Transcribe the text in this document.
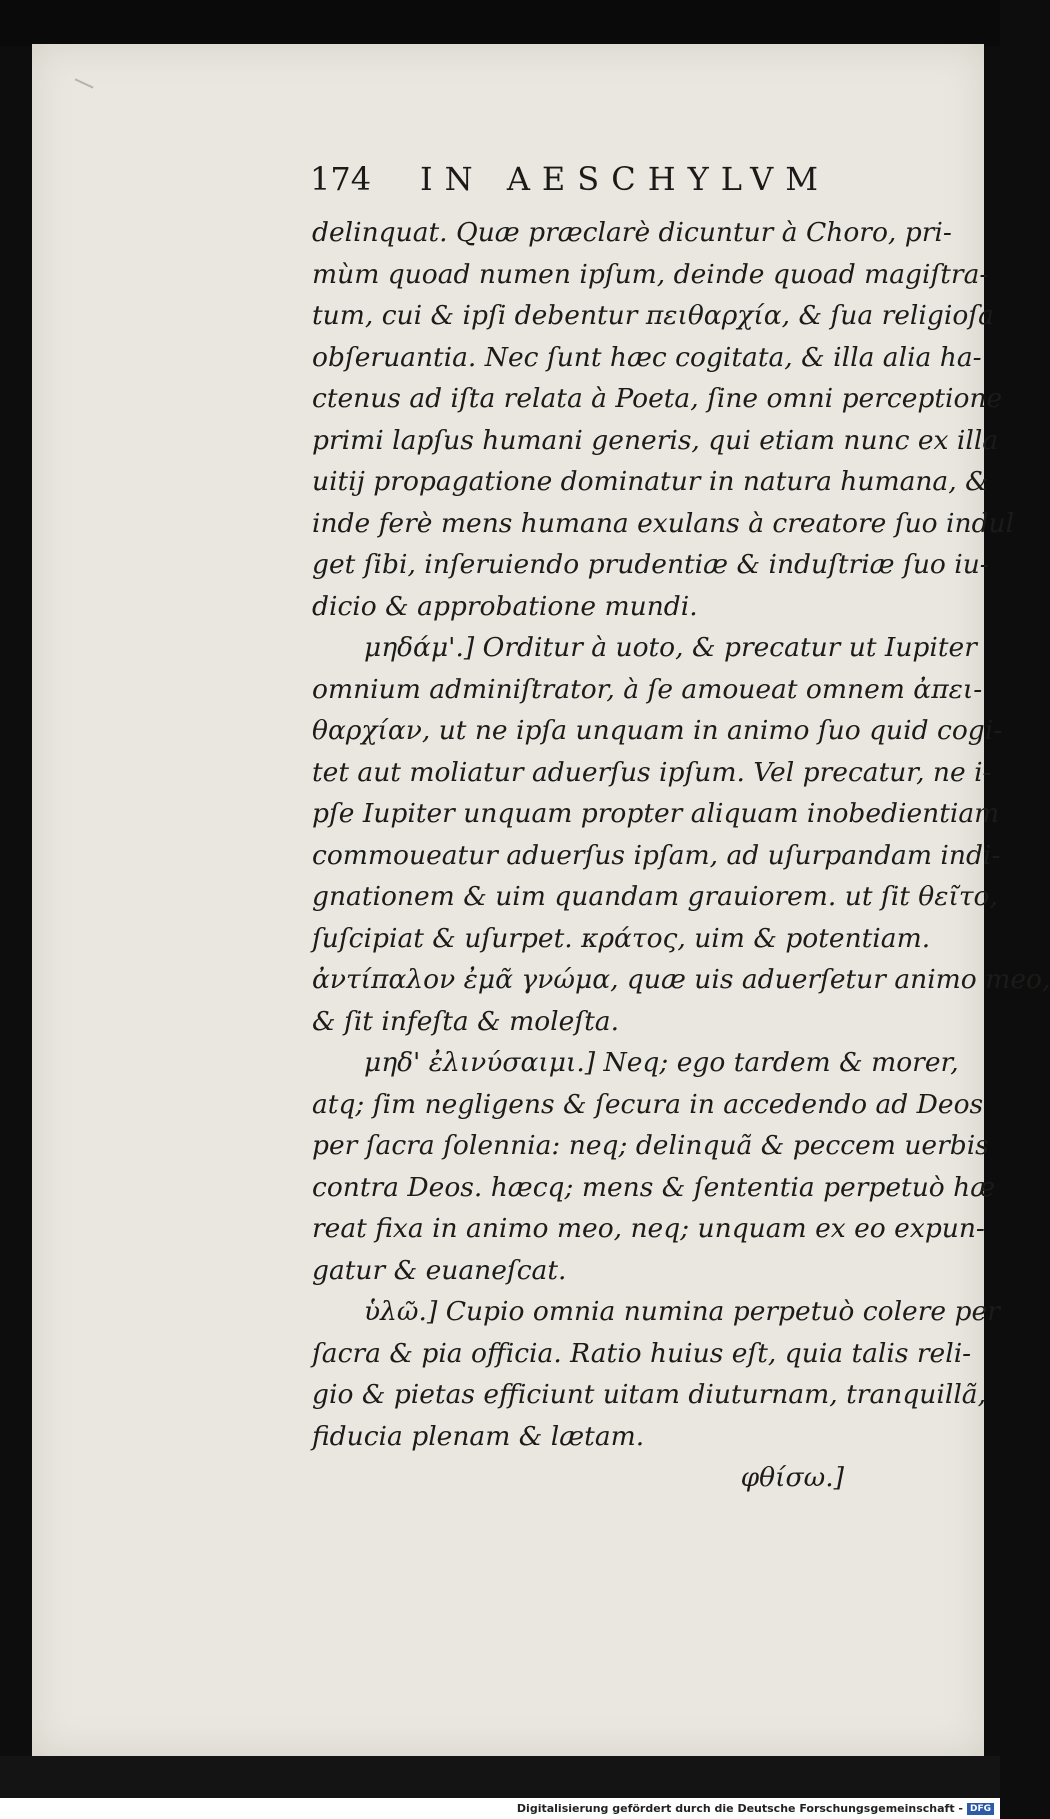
174 IN AESCHYLVM
delinquat. Quæ præclarè dicuntur à Choro, pri-
mùm quoad numen ipſum, deinde quoad magiſtra-
tum, cui & ipſi debentur πειθαρχία, & ſua religioſa
obſeruantia. Nec ſunt hæc cogitata, & illa alia ha-
ctenus ad iſta relata à Poeta, ſine omni perceptione
primi lapſus humani generis, qui etiam nunc ex illa
uitij propagatione dominatur in natura humana, &
inde ferè mens humana exulans à creatore ſuo indul
get ſibi, inſeruiendo prudentiæ & induſtriæ ſuo iu-
dicio & approbatione mundi.
μηδάμ'.] Orditur à uoto, & precatur ut Iupiter
omnium adminiſtrator, à ſe amoueat omnem ἀπει-
θαρχίαν, ut ne ipſa unquam in animo ſuo quid cogi-
tet aut moliatur aduerſus ipſum. Vel precatur, ne i-
pſe Iupiter unquam propter aliquam inobedientiam
commoueatur aduerſus ipſam, ad uſurpandam indi-
gnationem & uim quandam grauiorem. ut ſit θεῖτο,
ſuſcipiat & uſurpet. κράτος, uim & potentiam.
ἀντίπαλον ἐμᾶ γνώμα, quæ uis aduerſetur animo meo,
& ſit infeſta & moleſta.
μηδ' ἐλινύσαιμι.] Neq; ego tardem & morer,
atq; ſim negligens & ſecura in accedendo ad Deos
per ſacra ſolennia: neq; delinquã & peccem uerbis
contra Deos. hæcq; mens & ſententia perpetuò hæ
reat fixa in animo meo, neq; unquam ex eo expun-
gatur & euaneſcat.
ὑλῶ.] Cupio omnia numina perpetuò colere per
ſacra & pia officia. Ratio huius eſt, quia talis reli-
gio & pietas efficiunt uitam diuturnam, tranquillã,
fiducia plenam & lætam.
φθίσω.]
Digitalisierung gefördert durch die Deutsche Forschungsgemeinschaft - DFG
